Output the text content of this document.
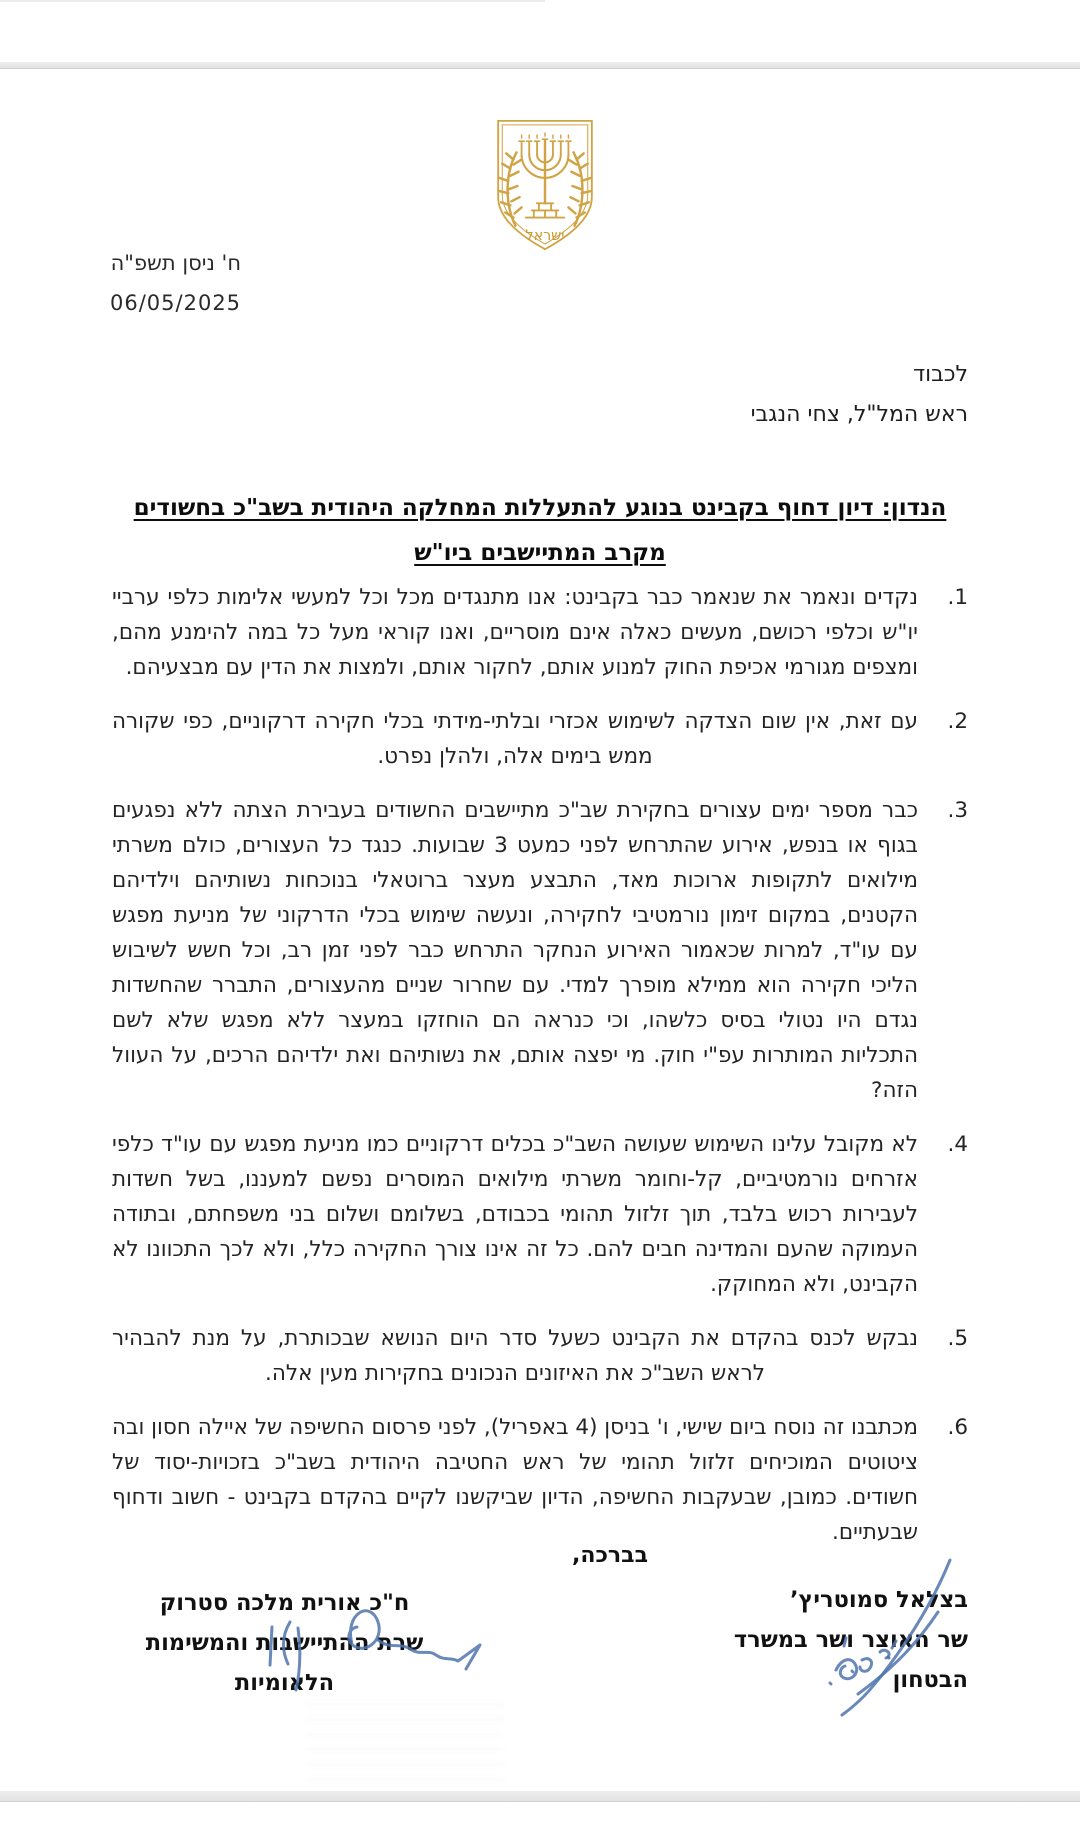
ישראל
ח' ניסן תשפ"ה
06/05/2025
לכבוד
ראש המל"ל, צחי הנגבי
הנדון: דיון דחוף בקבינט בנוגע להתעללות המחלקה היהודית בשב"כ בחשודים
מקרב המתיישבים ביו"ש
.1
נקדים ונאמר את שנאמר כבר בקבינט: אנו מתנגדים מכל וכל למעשי אלימות כלפי ערביי יו"ש וכלפי רכושם, מעשים כאלה אינם מוסריים, ואנו קוראי מעל כל במה להימנע מהם, ומצפים מגורמי אכיפת החוק למנוע אותם, לחקור אותם, ולמצות את הדין עם מבצעיהם.
.2
עם זאת, אין שום הצדקה לשימוש אכזרי ובלתי-מידתי בכלי חקירה דרקוניים, כפי שקורה ממש בימים אלה, ולהלן נפרט.
.3
כבר מספר ימים עצורים בחקירת שב"כ מתיישבים החשודים בעבירת הצתה ללא נפגעים בגוף או בנפש, אירוע שהתרחש לפני כמעט 3 שבועות. כנגד כל העצורים, כולם משרתי מילואים לתקופות ארוכות מאד, התבצע מעצר ברוטאלי בנוכחות נשותיהם וילדיהם הקטנים, במקום זימון נורמטיבי לחקירה, ונעשה שימוש בכלי הדרקוני של מניעת מפגש עם עו"ד, למרות שכאמור האירוע הנחקר התרחש כבר לפני זמן רב, וכל חשש לשיבוש הליכי חקירה הוא ממילא מופרך למדי. עם שחרור שניים מהעצורים, התברר שהחשדות נגדם היו נטולי בסיס כלשהו, וכי כנראה הם הוחזקו במעצר ללא מפגש שלא לשם התכליות המותרות עפ"י חוק. מי יפצה אותם, את נשותיהם ואת ילדיהם הרכים, על העוול הזה?
.4
לא מקובל עלינו השימוש שעושה השב"כ בכלים דרקוניים כמו מניעת מפגש עם עו"ד כלפי אזרחים נורמטיביים, קל-וחומר משרתי מילואים המוסרים נפשם למעננו, בשל חשדות לעבירות רכוש בלבד, תוך זלזול תהומי בכבודם, בשלומם ושלום בני משפחתם, ובתודה העמוקה שהעם והמדינה חבים להם. כל זה אינו צורך החקירה כלל, ולא לכך התכוונו לא הקבינט, ולא המחוקק.
.5
נבקש לכנס בהקדם את הקבינט כשעל סדר היום הנושא שבכותרת, על מנת להבהיר לראש השב"כ את האיזונים הנכונים בחקירות מעין אלה.
.6
מכתבנו זה נוסח ביום שישי, ו' בניסן (4 באפריל), לפני פרסום החשיפה של איילה חסון ובה ציטוטים המוכיחים זלזול תהומי של ראש החטיבה היהודית בשב"כ בזכויות-יסוד של חשודים. כמובן, שבעקבות החשיפה, הדיון שביקשנו לקיים בהקדם בקבינט - חשוב ודחוף שבעתיים.
בברכה,
בצלאל סמוטריץ’
שר האוצר ושר במשרד הבטחון
ח"כ אורית מלכה סטרוק
שרת ההתיישבות והמשימות הלאומיות
